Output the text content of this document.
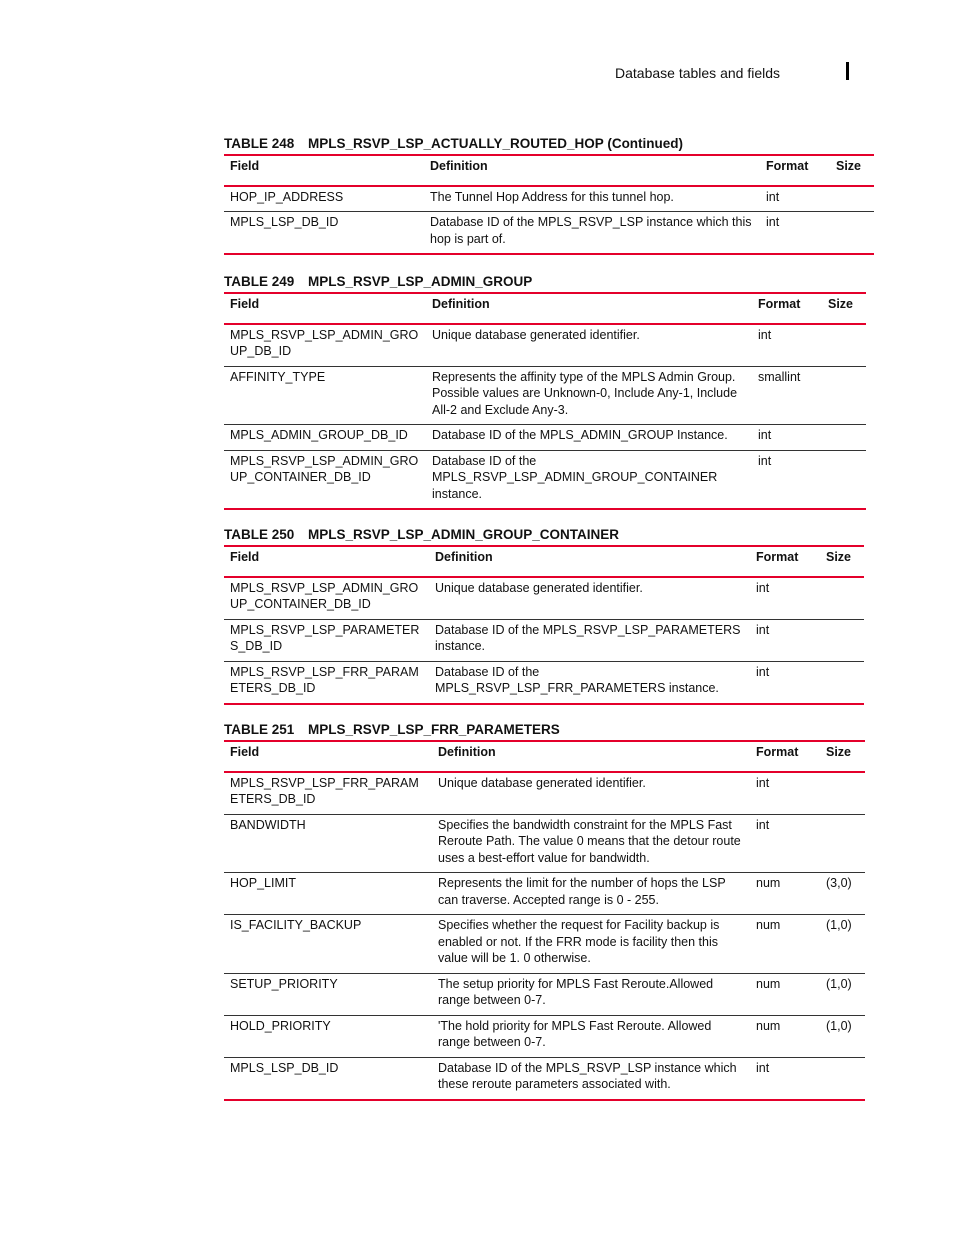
Database tables and fields
TABLE 248	MPLS_RSVP_LSP_ACTUALLY_ROUTED_HOP (Continued)
Field	Definition	Format	Size
HOP_IP_ADDRESS	The Tunnel Hop Address for this tunnel hop.	int	
MPLS_LSP_DB_ID	Database ID of the MPLS_RSVP_LSP instance which this hop is part of.	int	
TABLE 249	MPLS_RSVP_LSP_ADMIN_GROUP
Field	Definition	Format	Size
MPLS_RSVP_LSP_ADMIN_GROUP_DB_ID	Unique database generated identifier.	int	
AFFINITY_TYPE	Represents the affinity type of the MPLS Admin Group. Possible values are Unknown-0, Include Any-1, Include All-2 and Exclude Any-3.	smallint	
MPLS_ADMIN_GROUP_DB_ID	Database ID of the MPLS_ADMIN_GROUP Instance.	int	
MPLS_RSVP_LSP_ADMIN_GROUP_CONTAINER_DB_ID	Database ID of the MPLS_RSVP_LSP_ADMIN_GROUP_CONTAINER instance.	int	
TABLE 250	MPLS_RSVP_LSP_ADMIN_GROUP_CONTAINER
Field	Definition	Format	Size
MPLS_RSVP_LSP_ADMIN_GROUP_CONTAINER_DB_ID	Unique database generated identifier.	int	
MPLS_RSVP_LSP_PARAMETERS_DB_ID	Database ID of the MPLS_RSVP_LSP_PARAMETERS instance.	int	
MPLS_RSVP_LSP_FRR_PARAMETERS_DB_ID	Database ID of the MPLS_RSVP_LSP_FRR_PARAMETERS instance.	int	
TABLE 251	MPLS_RSVP_LSP_FRR_PARAMETERS
Field	Definition	Format	Size
MPLS_RSVP_LSP_FRR_PARAMETERS_DB_ID	Unique database generated identifier.	int	
BANDWIDTH	Specifies the bandwidth constraint for the MPLS Fast Reroute Path. The value 0 means that the detour route uses a best-effort value for bandwidth.	int	
HOP_LIMIT	Represents the limit for the number of hops the LSP can traverse. Accepted range is 0 - 255.	num	(3,0)
IS_FACILITY_BACKUP	Specifies whether the request for Facility backup is enabled or not. If the FRR mode is facility then this value will be 1. 0 otherwise.	num	(1,0)
SETUP_PRIORITY	The setup priority for MPLS Fast Reroute.Allowed range between 0-7.	num	(1,0)
HOLD_PRIORITY	'The hold priority for MPLS Fast Reroute. Allowed range between 0-7.	num	(1,0)
MPLS_LSP_DB_ID	Database ID of the MPLS_RSVP_LSP instance which these reroute parameters associated with.	int	
